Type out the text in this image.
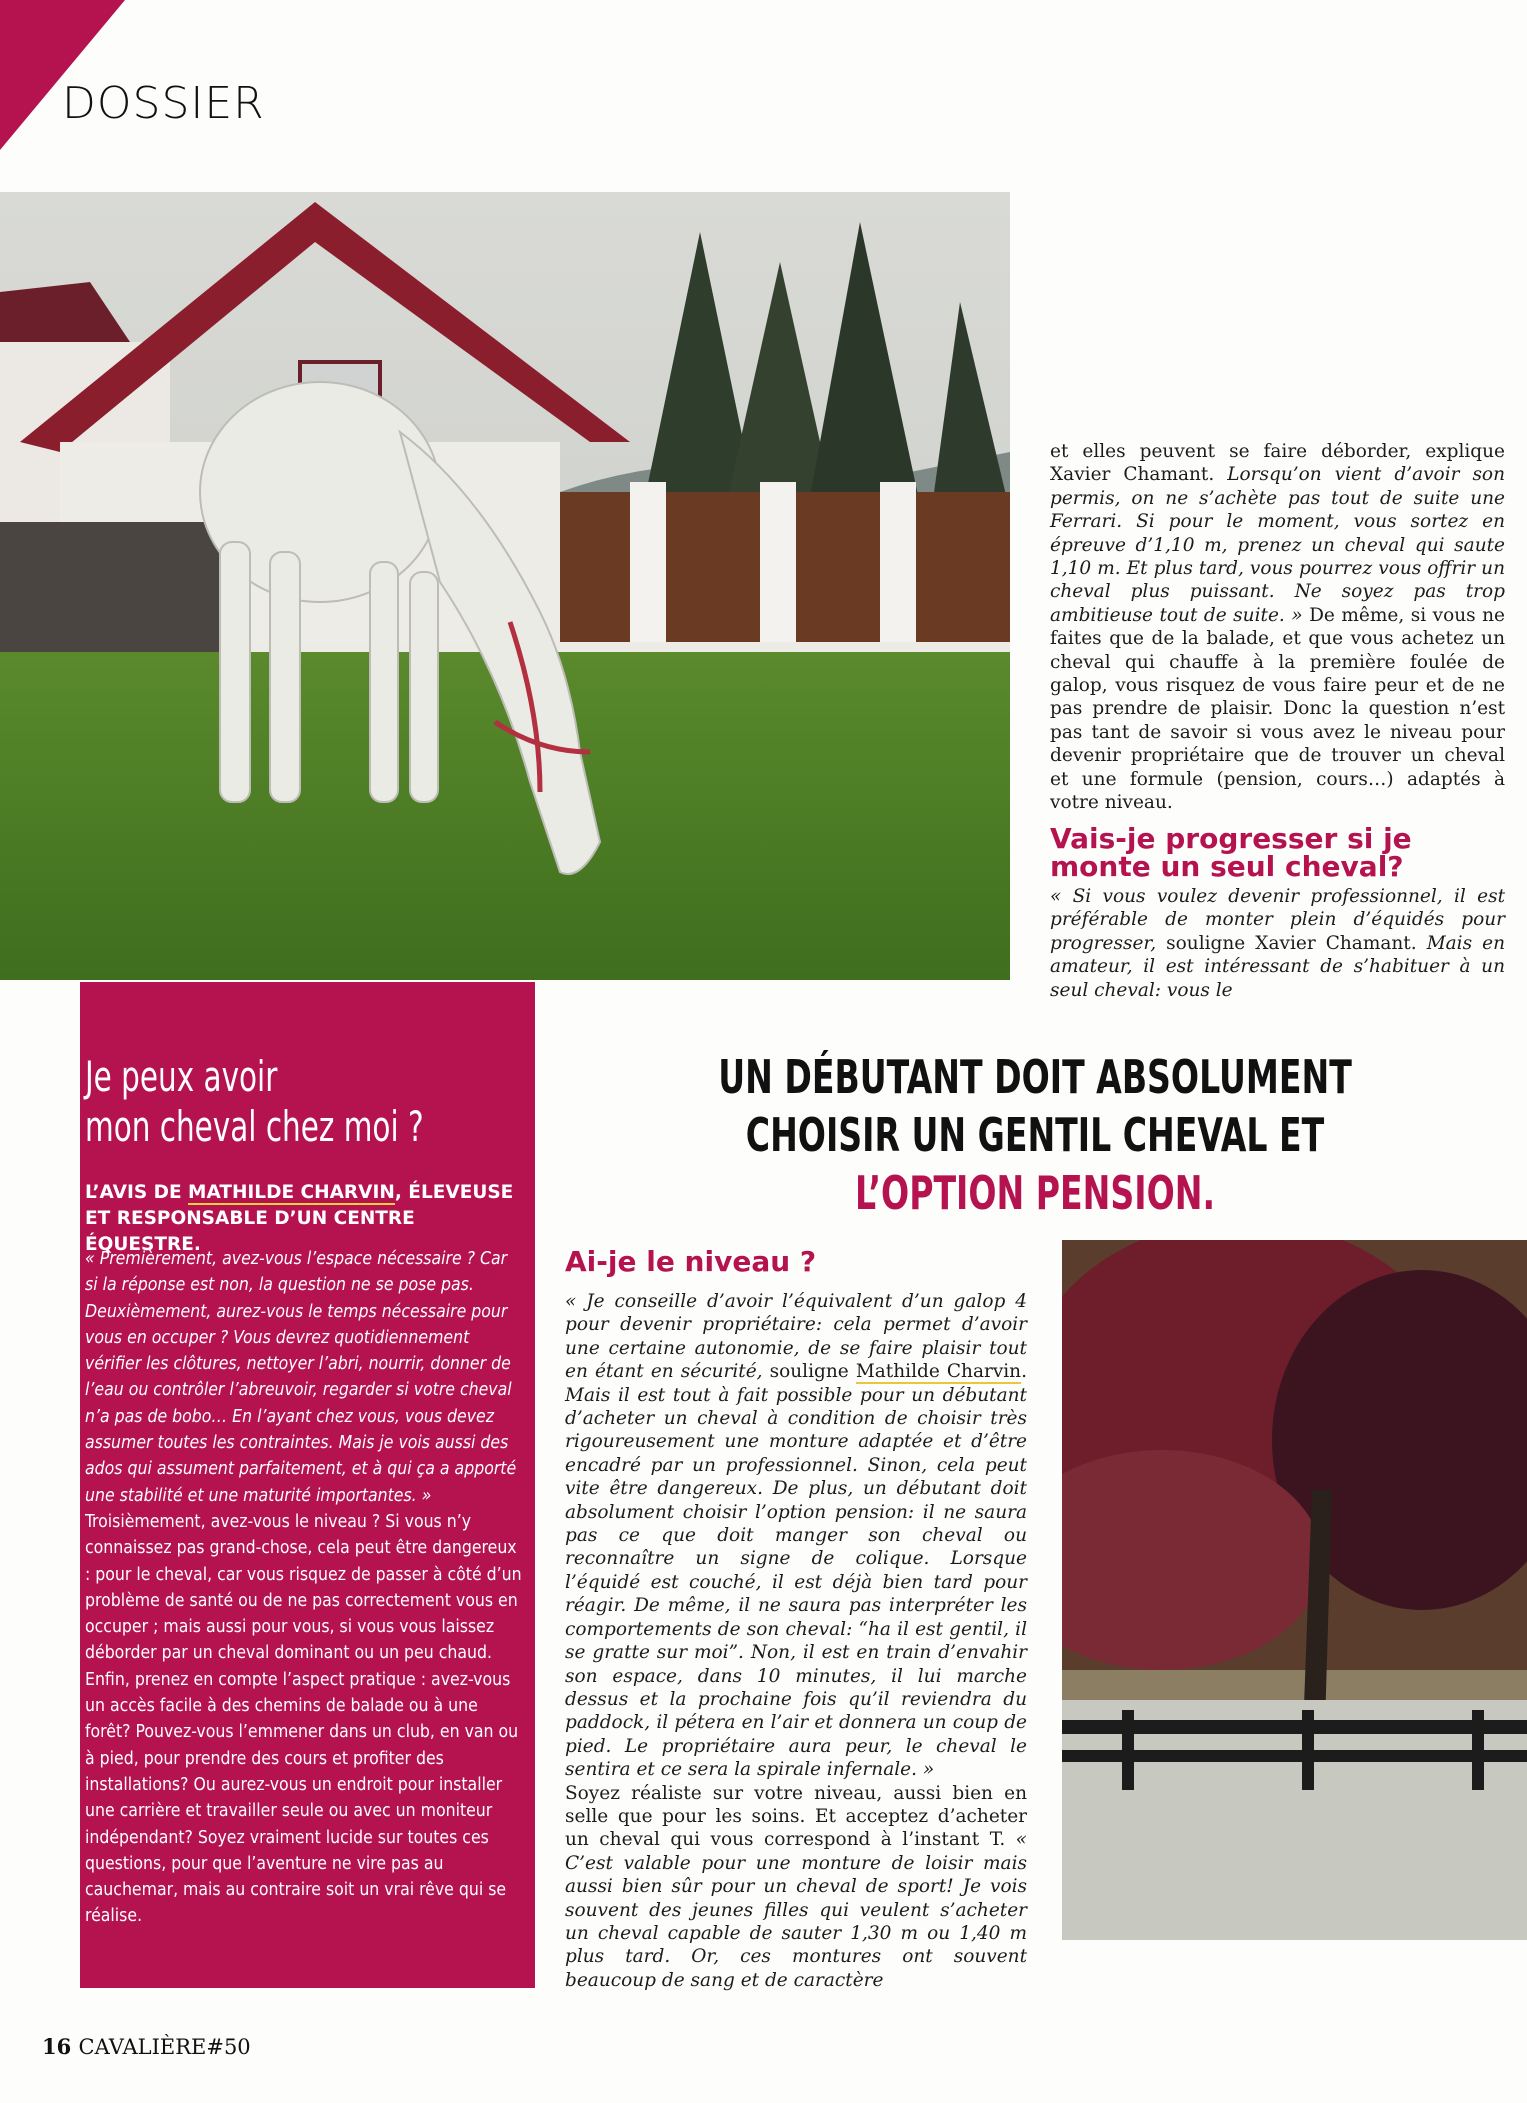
DOSSIER

et elles peuvent se faire déborder, explique Xavier Chamant. Lorsqu’on vient d’avoir son permis, on ne s’achète pas tout de suite une Ferrari. Si pour le moment, vous sortez en épreuve d’1,10 m, prenez un cheval qui saute 1,10 m. Et plus tard, vous pourrez vous offrir un cheval plus puissant. Ne soyez pas trop ambitieuse tout de suite. » De même, si vous ne faites que de la balade, et que vous achetez un cheval qui chauffe à la première foulée de galop, vous risquez de vous faire peur et de ne pas prendre de plaisir. Donc la question n’est pas tant de savoir si vous avez le niveau pour devenir propriétaire que de trouver un cheval et une formule (pension, cours…) adaptés à votre niveau.

Vais-je progresser si je monte un seul cheval?

« Si vous voulez devenir professionnel, il est préférable de monter plein d’équidés pour progresser, souligne Xavier Chamant. Mais en amateur, il est intéressant de s’habituer à un seul cheval: vous le

Je peux avoir
mon cheval chez moi ?
L’AVIS DE MATHILDE CHARVIN, ÉLEVEUSE ET RESPONSABLE D’UN CENTRE ÉQUESTRE.

« Premièrement, avez-vous l’espace nécessaire ? Car si la réponse est non, la question ne se pose pas. Deuxièmement, aurez-vous le temps nécessaire pour vous en occuper ? Vous devrez quotidiennement vérifier les clôtures, nettoyer l’abri, nourrir, donner de l’eau ou contrôler l’abreuvoir, regarder si votre cheval n’a pas de bobo… En l’ayant chez vous, vous devez assumer toutes les contraintes. Mais je vois aussi des ados qui assument parfaitement, et à qui ça a apporté une stabilité et une maturité importantes. » Troisièmement, avez-vous le niveau ? Si vous n’y connaissez pas grand-chose, cela peut être dangereux : pour le cheval, car vous risquez de passer à côté d’un problème de santé ou de ne pas correctement vous en occuper ; mais aussi pour vous, si vous vous laissez déborder par un cheval dominant ou un peu chaud.

Enfin, prenez en compte l’aspect pratique : avez-vous un accès facile à des chemins de balade ou à une forêt? Pouvez-vous l’emmener dans un club, en van ou à pied, pour prendre des cours et profiter des installations? Ou aurez-vous un endroit pour installer une carrière et travailler seule ou avec un moniteur indépendant? Soyez vraiment lucide sur toutes ces questions, pour que l’aventure ne vire pas au cauchemar, mais au contraire soit un vrai rêve qui se réalise.

UN DÉBUTANT DOIT ABSOLUMENT CHOISIR UN GENTIL CHEVAL ET L’OPTION PENSION.
Ai-je le niveau ?

« Je conseille d’avoir l’équivalent d’un galop 4 pour devenir propriétaire: cela permet d’avoir une certaine autonomie, de se faire plaisir tout en étant en sécurité, souligne Mathilde Charvin. Mais il est tout à fait possible pour un débutant d’acheter un cheval à condition de choisir très rigoureusement une monture adaptée et d’être encadré par un professionnel. Sinon, cela peut vite être dangereux. De plus, un débutant doit absolument choisir l’option pension: il ne saura pas ce que doit manger son cheval ou reconnaître un signe de colique. Lorsque l’équidé est couché, il est déjà bien tard pour réagir. De même, il ne saura pas interpréter les comportements de son cheval: “ha il est gentil, il se gratte sur moi”. Non, il est en train d’envahir son espace, dans 10 minutes, il lui marche dessus et la prochaine fois qu’il reviendra du paddock, il pétera en l’air et donnera un coup de pied. Le propriétaire aura peur, le cheval le sentira et ce sera la spirale infernale. »

Soyez réaliste sur votre niveau, aussi bien en selle que pour les soins. Et acceptez d’acheter un cheval qui vous correspond à l’instant T. « C’est valable pour une monture de loisir mais aussi bien sûr pour un cheval de sport! Je vois souvent des jeunes filles qui veulent s’acheter un cheval capable de sauter 1,30 m ou 1,40 m plus tard. Or, ces montures ont souvent beaucoup de sang et de caractère

16 CAVALIÈRE#50
